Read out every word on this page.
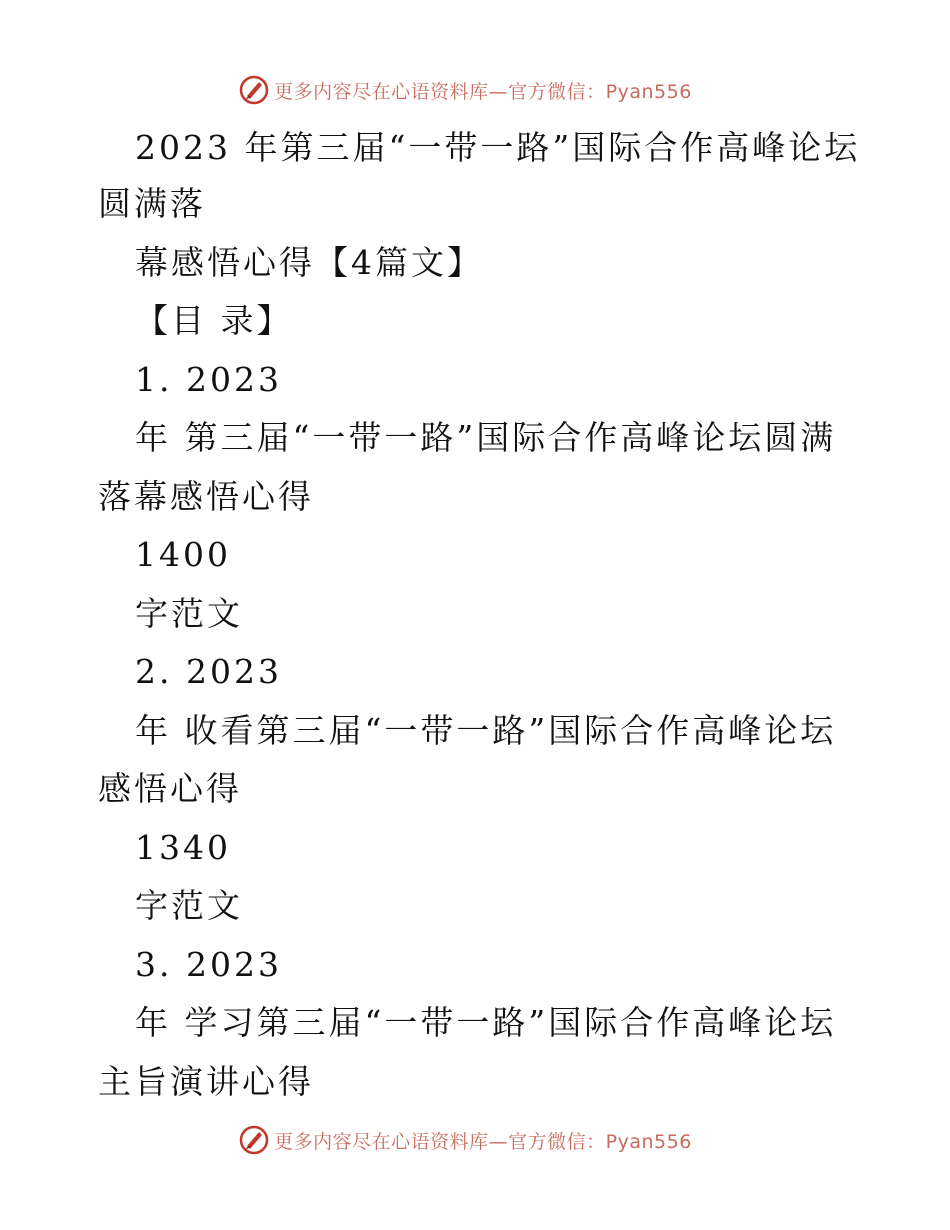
更多内容尽在心语资料库—官方微信：Pyan556
2023 年第三届“一带一路”国际合作高峰论坛
圆满落
幕感悟心得【4篇文】
【目 录】
1. 2023
年 第三届“一带一路”国际合作高峰论坛圆满
落幕感悟心得
1400
字范文
2. 2023
年 收看第三届“一带一路”国际合作高峰论坛
感悟心得
1340
字范文
3. 2023
年 学习第三届“一带一路”国际合作高峰论坛
主旨演讲心得
更多内容尽在心语资料库—官方微信：Pyan556
